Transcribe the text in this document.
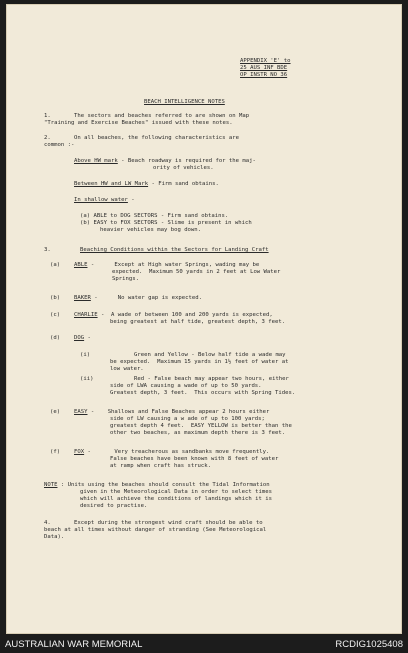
APPENDIX 'E' to
25 AUS INF BDE
OP INSTR NO 36
BEACH INTELLIGENCE NOTES
1.	The sectors and beaches referred to are shown on Map
"Training and Exercise Beaches" issued with these notes.
2.	On all beaches, the following characteristics are
common :-
Above HW mark - Beach roadway is required for the maj-
ority of vehicles.
Between HW and LW Mark - Firm sand obtains.
In shallow water -
(a) ABLE to DOG SECTORS - Firm sand obtains.
(b) EASY to FOX SECTORS - Slime is present in which
heavier vehicles may bog down.
3.	Beaching Conditions within the Sectors for Landing Craft
(a) ABLE -      Except at High water Springs, wading may be
expected.  Maximum 50 yards in 2 feet at Low Water
Springs.
(b) BAKER -      No water gap is expected.
(c) CHARLIE -  A wade of between 100 and 200 yards is expected,
being greatest at half tide, greatest depth, 3 feet.
(d) DOG -
(i)	Green and Yellow - Below half tide a wade may
be expected.  Maximum 15 yards in 1½ feet of water at
low water.
(ii)	Red - False beach may appear two hours, either
side of LWA causing a wade of up to 50 yards.
Greatest depth, 3 feet.  This occurs with Spring Tides.
(e) EASY -    Shallows and False Beaches appear 2 hours either
side of LW causing a w ade of up to 100 yards;
greatest depth 4 feet.  EASY YELLOW is better than the
other two beaches, as maximum depth there is 3 feet.
(f) FOX -       Very treacherous as sandbanks move frequently.
False beaches have been known with 8 feet of water
at ramp when craft has struck.
NOTE : Units using the beaches should consult the Tidal Information
given in the Meteorological Data in order to select times
which will achieve the conditions of landings which it is
desired to practise.
4.	Except during the strongest wind craft should be able to
beach at all times without danger of stranding (See Meteorological
Data).
AUSTRALIAN WAR MEMORIAL	RCDIG1025408
